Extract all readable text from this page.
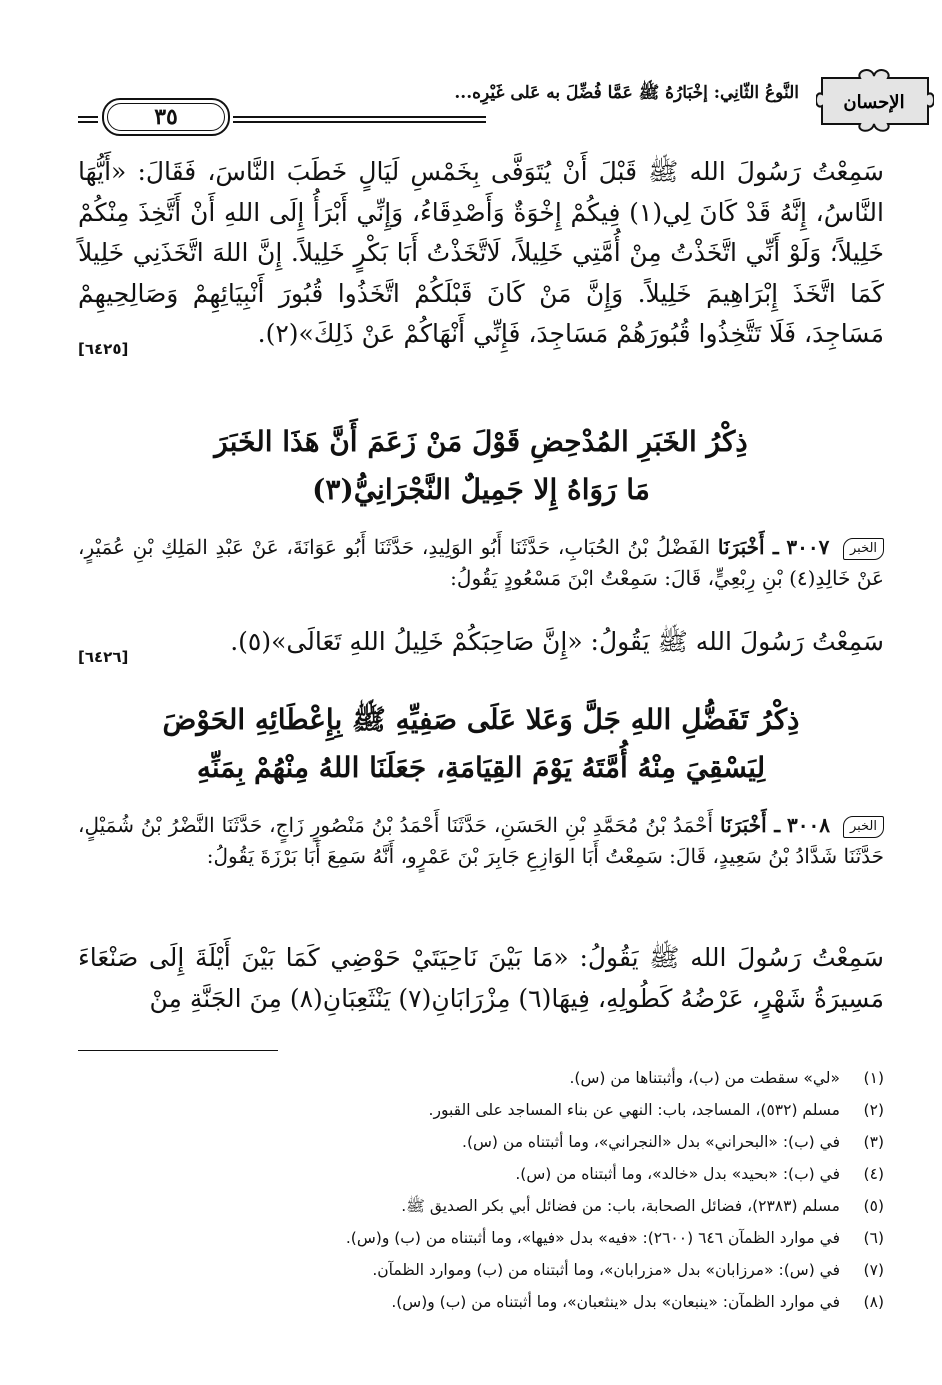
الإحسان
النَّوعُ الثّانِي: إخْبَارُهُ ﷺ عَمَّا فُضِّلَ به عَلى غَيْرِه...
٣٥

سَمِعْتُ رَسُولَ الله ﷺ قَبْلَ أَنْ يُتَوَفَّى بِخَمْسِ لَيَالٍ خَطَبَ النَّاسَ، فَقَالَ: «أَيُّهَا النَّاسُ، إِنَّهُ قَدْ كَانَ لِي(١) فِيكُمْ إِخْوَةٌ وَأَصْدِقَاءُ، وَإِنِّي أَبْرَأُ إِلَى اللهِ أَنْ أَتَّخِذَ مِنْكُمْ خَلِيلاً؛ وَلَوْ أَنِّي اتَّخَذْتُ مِنْ أُمَّتِي خَلِيلاً، لَاتَّخَذْتُ أَبَا بَكْرٍ خَلِيلاً. إِنَّ اللهَ اتَّخَذَنِي خَلِيلاً كَمَا اتَّخَذَ إِبْرَاهِيمَ خَلِيلاً. وَإِنَّ مَنْ كَانَ قَبْلَكُمْ اتَّخَذُوا قُبُورَ أَنْبِيَائِهِمْ وَصَالِحِيهِمْ مَسَاجِدَ، فَلَا تَتَّخِذُوا قُبُورَهُمْ مَسَاجِدَ، فَإِنِّي أَنْهَاكُمْ عَنْ ذَلِكَ»(٢).

[٦٤٢٥]
ذِكْرُ الخَبَرِ المُدْحِضِ قَوْلَ مَنْ زَعَمَ أَنَّ هَذَا الخَبَرَ
مَا رَوَاهُ إِلا جَمِيلٌ النَّجْرَانِيُّ(٣)

الخبر ٣٠٠٧ ـ أَخْبَرَنَا الفَضْلُ بْنُ الحُبَابِ، حَدَّثَنَا أَبُو الوَلِيدِ، حَدَّثَنَا أَبُو عَوَانَةَ، عَنْ عَبْدِ المَلِكِ بْنِ عُمَيْرٍ، عَنْ خَالِدِ(٤) بْنِ رِبْعِيٍّ، قَالَ: سَمِعْتُ ابْنَ مَسْعُودٍ يَقُولُ:

سَمِعْتُ رَسُولَ الله ﷺ يَقُولُ: «إِنَّ صَاحِبَكُمْ خَلِيلُ اللهِ تَعَالَى»(٥).

[٦٤٢٦]
ذِكْرُ تَفَضُّلِ اللهِ جَلَّ وَعَلا عَلَى صَفِيِّهِ ﷺ بِإِعْطَائِهِ الحَوْضَ
لِيَسْقِيَ مِنْهُ أُمَّتَهُ يَوْمَ القِيَامَةِ، جَعَلَنَا اللهُ مِنْهُمْ بِمَنِّهِ

الخبر ٣٠٠٨ ـ أَخْبَرَنَا أَحْمَدُ بْنُ مُحَمَّدِ بْنِ الحَسَنِ، حَدَّثَنَا أَحْمَدُ بْنُ مَنْصُورٍ زَاجٍ، حَدَّثَنَا النَّضْرُ بْنُ شُمَيْلٍ، حَدَّثَنَا شَدَّادُ بْنُ سَعِيدٍ، قَالَ: سَمِعْتُ أَبَا الوَازِعِ جَابِرَ بْنَ عَمْرٍو، أَنَّهُ سَمِعَ أَبَا بَرْزَةَ يَقُولُ:

سَمِعْتُ رَسُولَ الله ﷺ يَقُولُ: «مَا بَيْنَ نَاحِيَتَيْ حَوْضِي كَمَا بَيْنَ أَيْلَةَ إِلَى صَنْعَاءَ مَسِيرَةُ شَهْرٍ، عَرْضُهُ كَطُولِهِ، فِيهَا(٦) مِزْرَابَانِ(٧) يَنْثَعِبَانِ(٨) مِنَ الجَنَّةِ مِنْ

(١)
«لي» سقطت من (ب)، وأثبتناها من (س).
(٢)
مسلم (٥٣٢)، المساجد، باب: النهي عن بناء المساجد على القبور.
(٣)
في (ب): «البحراني» بدل «النجراني»، وما أثبتناه من (س).
(٤)
في (ب): «بحيد» بدل «خالد»، وما أثبتناه من (س).
(٥)
مسلم (٢٣٨٣)، فضائل الصحابة، باب: من فضائل أبي بكر الصديق ﷺ.
(٦)
في موارد الظمآن ٦٤٦ (٢٦٠٠): «فيه» بدل «فيها»، وما أثبتناه من (ب) و(س).
(٧)
في (س): «مرزابان» بدل «مزرابان»، وما أثبتناه من (ب) وموارد الظمآن.
(٨)
في موارد الظمآن: «ينبعان» بدل «ينثعبان»، وما أثبتناه من (ب) و(س).
